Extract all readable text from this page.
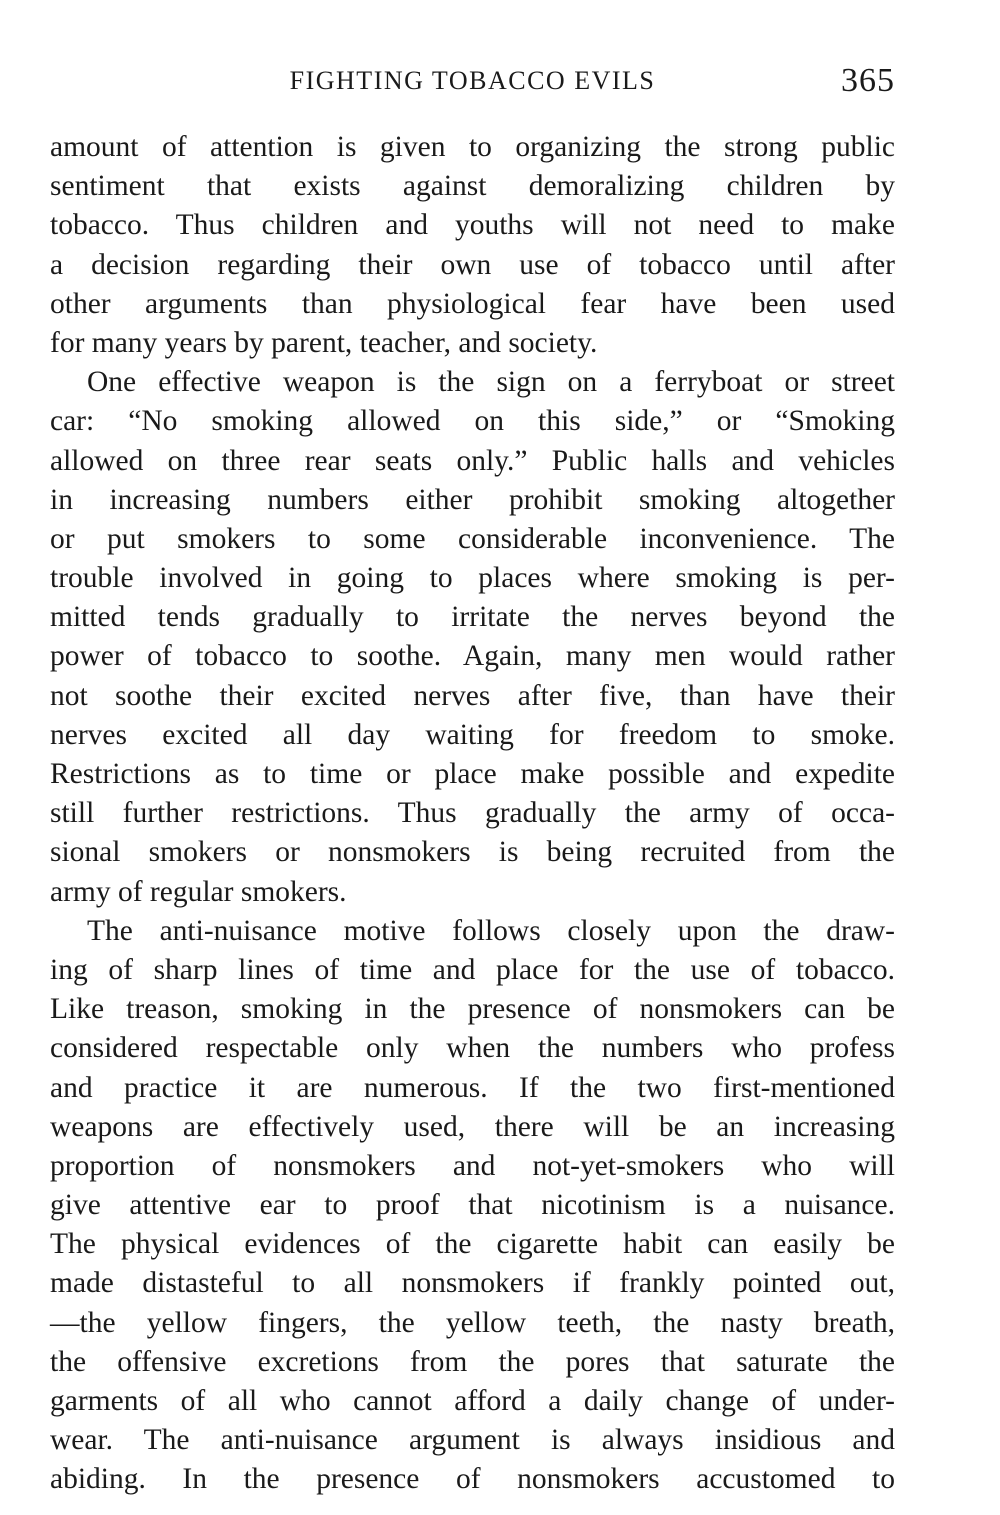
FIGHTING TOBACCO EVILS	365
amount of attention is given to organizing the strong public
sentiment that exists against demoralizing children by
tobacco. Thus children and youths will not need to make
a decision regarding their own use of tobacco until after
other arguments than physiological fear have been used
for many years by parent, teacher, and society.
One effective weapon is the sign on a ferryboat or street
car: “No smoking allowed on this side,” or “Smoking
allowed on three rear seats only.” Public halls and vehicles
in increasing numbers either prohibit smoking altogether
or put smokers to some considerable inconvenience. The
trouble involved in going to places where smoking is per-
mitted tends gradually to irritate the nerves beyond the
power of tobacco to soothe. Again, many men would rather
not soothe their excited nerves after five, than have their
nerves excited all day waiting for freedom to smoke.
Restrictions as to time or place make possible and expedite
still further restrictions. Thus gradually the army of occa-
sional smokers or nonsmokers is being recruited from the
army of regular smokers.
The anti-nuisance motive follows closely upon the draw-
ing of sharp lines of time and place for the use of tobacco.
Like treason, smoking in the presence of nonsmokers can be
considered respectable only when the numbers who profess
and practice it are numerous. If the two first-mentioned
weapons are effectively used, there will be an increasing
proportion of nonsmokers and not-yet-smokers who will
give attentive ear to proof that nicotinism is a nuisance.
The physical evidences of the cigarette habit can easily be
made distasteful to all nonsmokers if frankly pointed out,
—the yellow fingers, the yellow teeth, the nasty breath,
the offensive excretions from the pores that saturate the
garments of all who cannot afford a daily change of under-
wear. The anti-nuisance argument is always insidious and
abiding. In the presence of nonsmokers accustomed to
